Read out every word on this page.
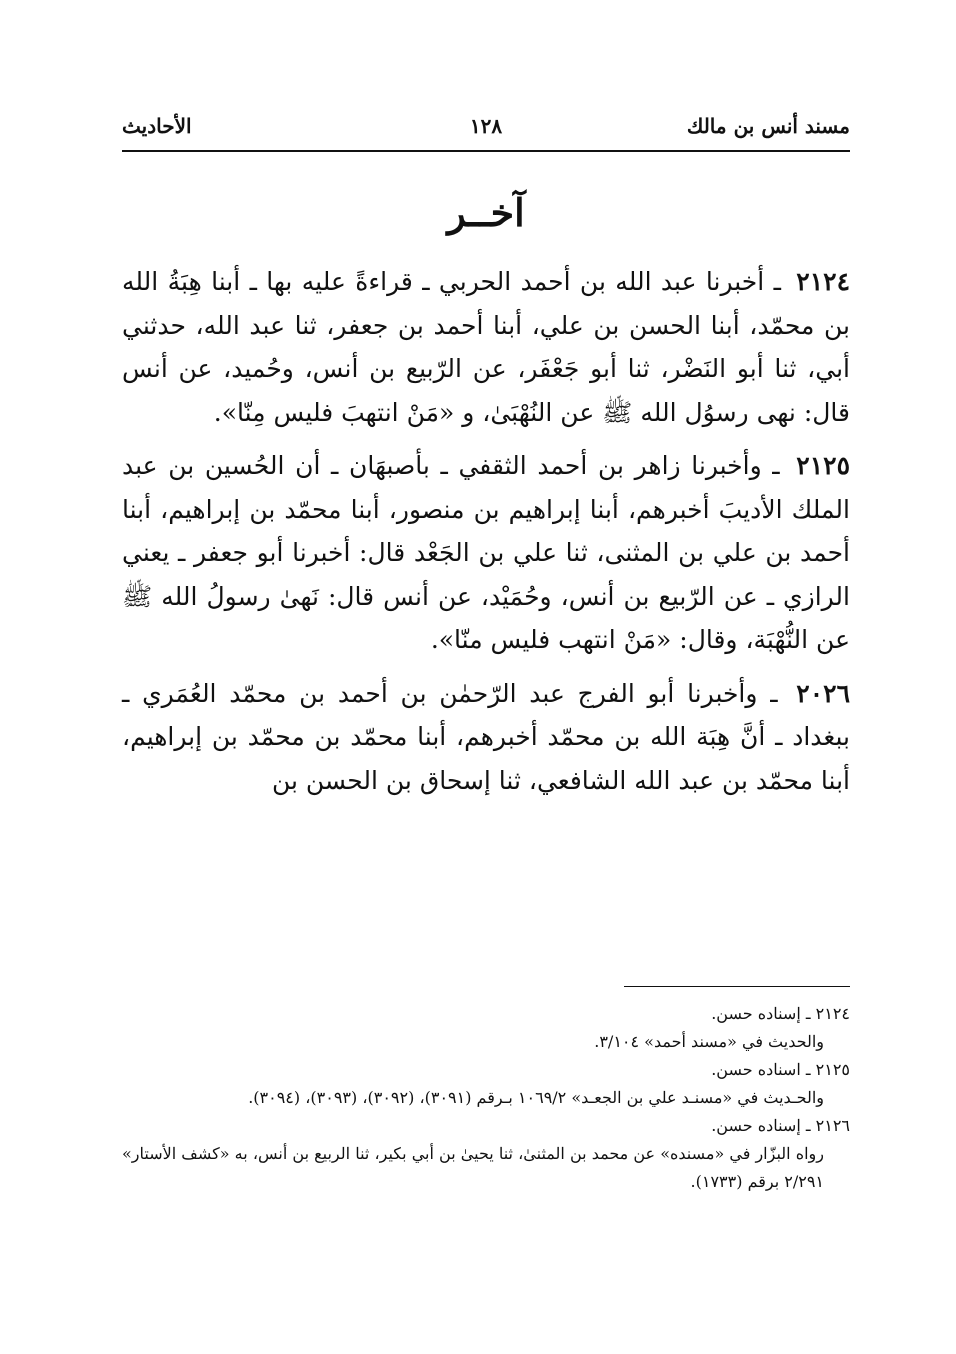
مسند أنس بن مالك
١٢٨
الأحاديث
آخــر

٢١٢٤ ـ أخبرنا عبد الله بن أحمد الحربي ـ قراءةً عليه بها ـ أبنا هِبَةُ الله بن محمّد، أبنا الحسن بن علي، أبنا أحمد بن جعفر، ثنا عبد الله، حدثني أبي، ثنا أبو النَضْر، ثنا أبو جَعْفَر، عن الرّبيع بن أنس، وحُميد، عن أنس قال: نهى رسوُل الله ﷺ عن النُهْبَىٰ، و «مَنْ انتهبَ فليس مِنّا».

٢١٢٥ ـ وأخبرنا زاهر بن أحمد الثقفي ـ بأصبهَان ـ أن الحُسين بن عبد الملك الأديبَ أخبرهم، أبنا إبراهيم بن منصور، أبنا محمّد بن إبراهيم، أبنا أحمد بن علي بن المثنى، ثنا علي بن الجَعْد قال: أخبرنا أبو جعفر ـ يعني الرازي ـ عن الرّبيع بن أنس، وحُمَيْد، عن أنس قال: نَهىٰ رسولُ الله ﷺ عن النُّهْبَة، وقال: «مَنْ انتهب فليس منّا».

٢٠٢٦ ـ وأخبرنا أبو الفرج عبد الرّحمٰن بن أحمد بن محمّد العُمَري ـ ببغداد ـ أنَّ هِبَة الله بن محمّد أخبرهم، أبنا محمّد بن محمّد بن إبراهيم، أبنا محمّد بن عبد الله الشافعي، ثنا إسحاق بن الحسن بن

٢١٢٤ ـ إسناده حسن.

والحديث في «مسند أحمد» ٣/١٠٤.

٢١٢٥ ـ اسناده حسن.

والحـديث في «مسنـد علي بن الجعـد» ١٠٦٩/٢ بـرقم (٣٠٩١)، (٣٠٩٢)، (٣٠٩٣)، (٣٠٩٤).

٢١٢٦ ـ إسناده حسن.

رواه البزّار في «مسنده» عن محمد بن المثنىٰ، ثنا يحيىٰ بن أبي بكير، ثنا الربيع بن أنس، به «كشف الأستار» ٢/٢٩١ برقم (١٧٣٣).
